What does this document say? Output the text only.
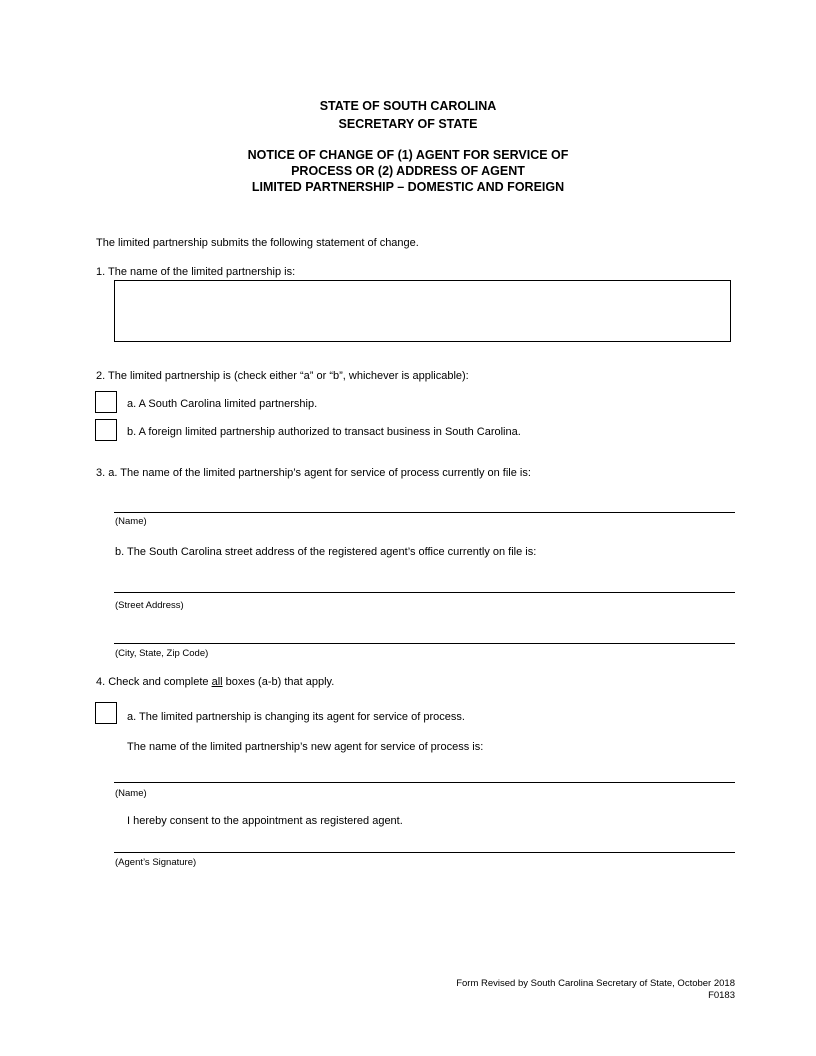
STATE OF SOUTH CAROLINA
SECRETARY OF STATE
NOTICE OF CHANGE OF (1) AGENT FOR SERVICE OF
PROCESS OR (2) ADDRESS OF AGENT
LIMITED PARTNERSHIP – DOMESTIC AND FOREIGN
The limited partnership submits the following statement of change.
1. The name of the limited partnership is:
2. The limited partnership is (check either “a” or “b”, whichever is applicable):
a. A South Carolina limited partnership.
b. A foreign limited partnership authorized to transact business in South Carolina.
3. a. The name of the limited partnership’s agent for service of process currently on file is:
(Name)
b. The South Carolina street address of the registered agent’s office currently on file is:
(Street Address)
(City, State, Zip Code)
4. Check and complete all boxes (a-b) that apply.
a. The limited partnership is changing its agent for service of process.
The name of the limited partnership’s new agent for service of process is:
(Name)
I hereby consent to the appointment as registered agent.
(Agent’s Signature)
Form Revised by South Carolina Secretary of State, October 2018
F0183
